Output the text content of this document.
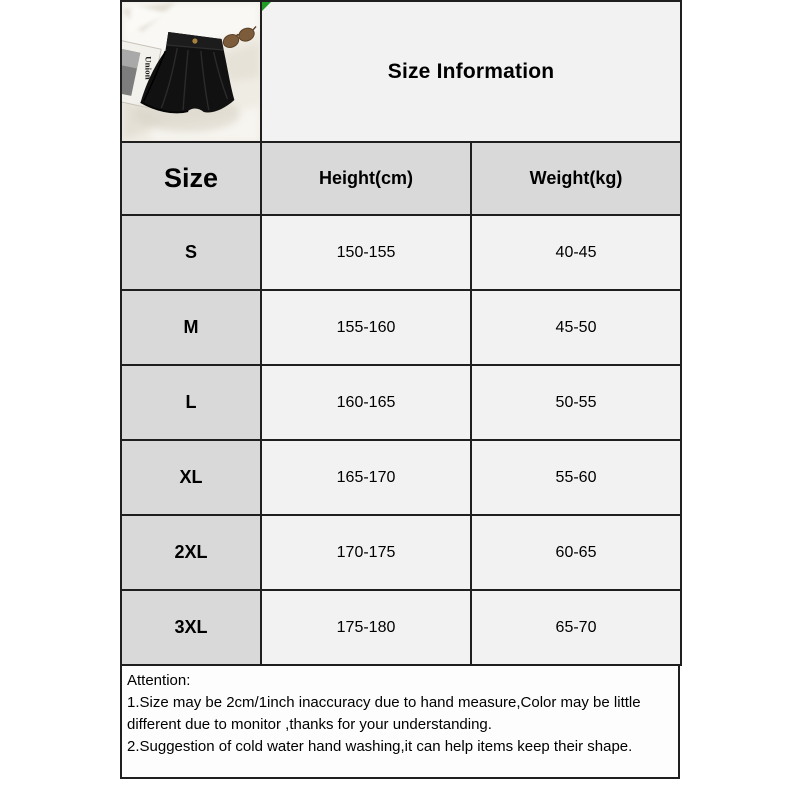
Union	Size Information	
Size	Height(cm)	Weight(kg)
S	150-155	40-45
M	155-160	45-50
L	160-165	50-55
XL	165-170	55-60
2XL	170-175	60-65
3XL	175-180	65-70
Attention:
1.Size may be 2cm/1inch inaccuracy due to hand measure,Color may be little
different due to monitor ,thanks for your understanding.
2.Suggestion of cold water hand washing,it can help items keep their shape.
